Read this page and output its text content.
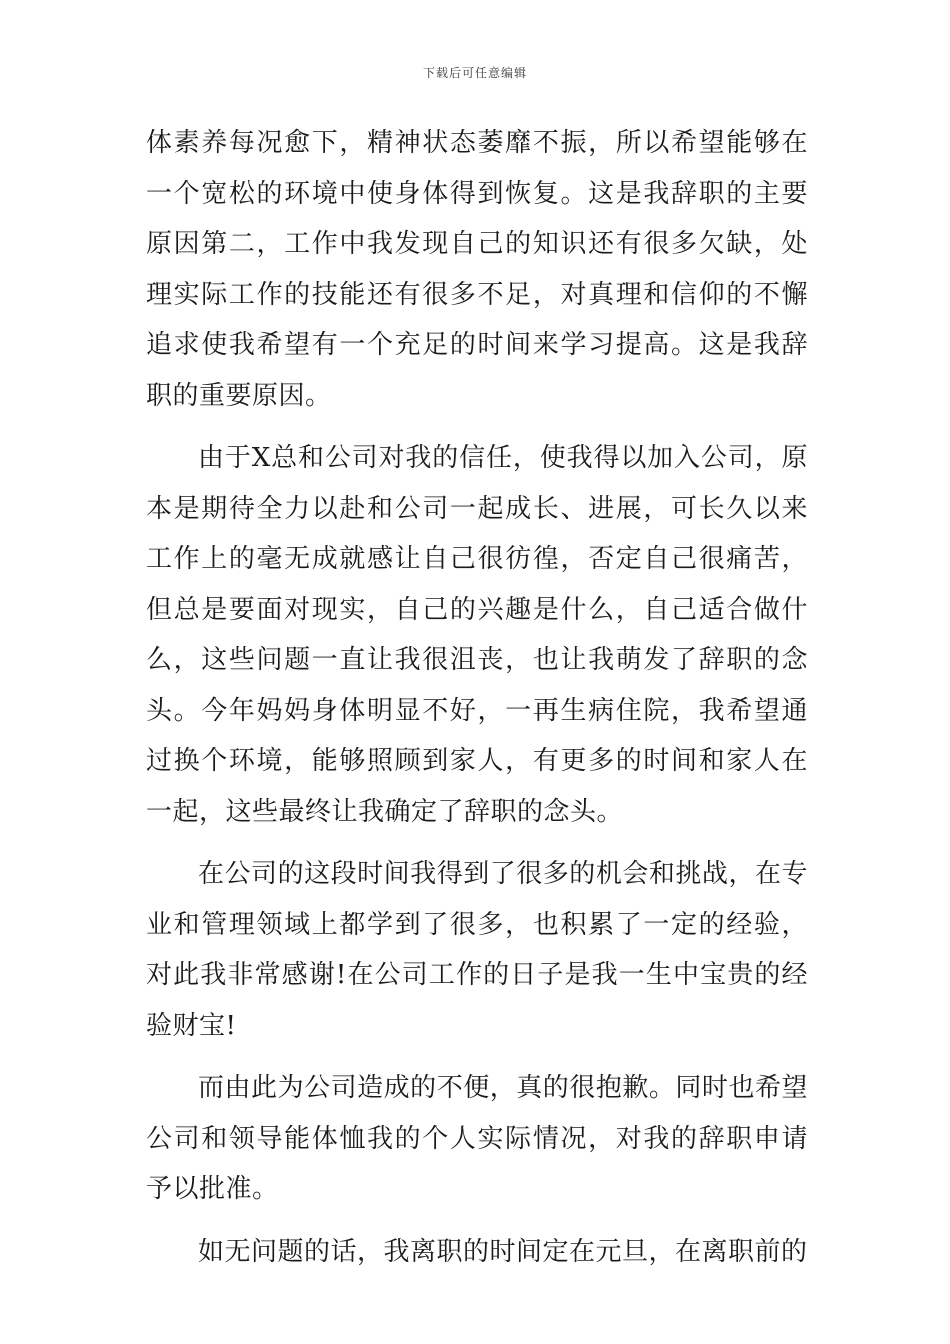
下载后可任意编辑

体素养每况愈下，精神状态萎靡不振，所以希望能够在一个宽松的环境中使身体得到恢复。这是我辞职的主要原因第二，工作中我发现自己的知识还有很多欠缺，处理实际工作的技能还有很多不足，对真理和信仰的不懈追求使我希望有一个充足的时间来学习提高。这是我辞职的重要原因。

由于X总和公司对我的信任，使我得以加入公司，原本是期待全力以赴和公司一起成长、进展，可长久以来工作上的毫无成就感让自己很彷徨，否定自己很痛苦，但总是要面对现实，自己的兴趣是什么，自己适合做什么，这些问题一直让我很沮丧，也让我萌发了辞职的念头。今年妈妈身体明显不好，一再生病住院，我希望通过换个环境，能够照顾到家人，有更多的时间和家人在一起，这些最终让我确定了辞职的念头。

在公司的这段时间我得到了很多的机会和挑战，在专业和管理领域上都学到了很多，也积累了一定的经验，对此我非常感谢!在公司工作的日子是我一生中宝贵的经验财宝!

而由此为公司造成的不便，真的很抱歉。同时也希望公司和领导能体恤我的个人实际情况，对我的辞职申请予以批准。

如无问题的话，我离职的时间定在元旦，在离职前的
